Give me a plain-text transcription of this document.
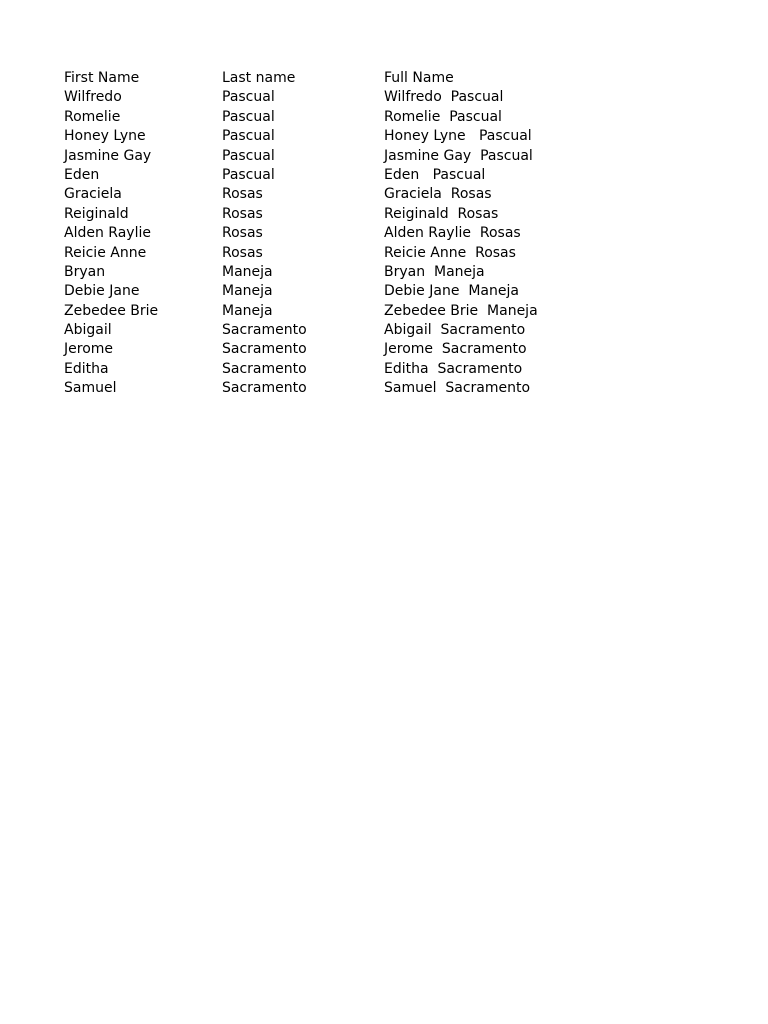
First Name	Last name	Full Name
Wilfredo	Pascual	Wilfredo  Pascual
Romelie	Pascual	Romelie  Pascual
Honey Lyne	Pascual	Honey Lyne   Pascual
Jasmine Gay	Pascual	Jasmine Gay  Pascual
Eden	Pascual	Eden   Pascual
Graciela	Rosas	Graciela  Rosas
Reiginald	Rosas	Reiginald  Rosas
Alden Raylie	Rosas	Alden Raylie  Rosas
Reicie Anne	Rosas	Reicie Anne  Rosas
Bryan	Maneja	Bryan  Maneja
Debie Jane	Maneja	Debie Jane  Maneja
Zebedee Brie	Maneja	Zebedee Brie  Maneja
Abigail	Sacramento	Abigail  Sacramento
Jerome	Sacramento	Jerome  Sacramento
Editha	Sacramento	Editha  Sacramento
Samuel	Sacramento	Samuel  Sacramento
